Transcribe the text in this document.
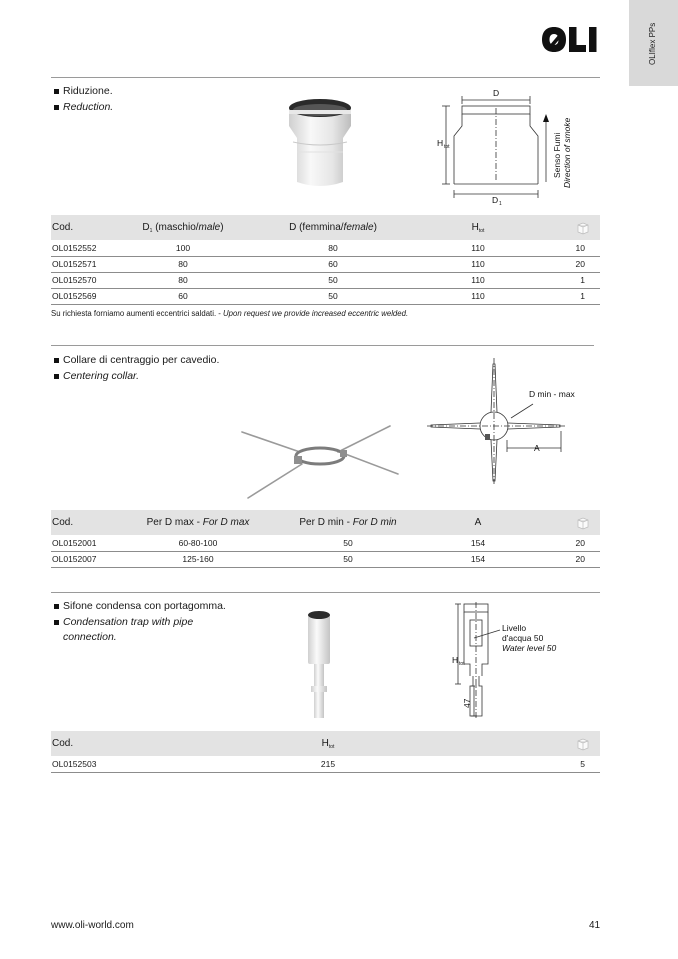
OLIflex PPs
Riduzione.
Reduction.
D
D 1
H tot	Senso Fumi Direction of smoke
Cod.	$D_1$ (maschio/male)	D (femmina/female)	$H_{tot}$	
OL0152552	100	80	110	10
OL0152571	80	60	110	20
OL0152570	80	50	110	1
OL0152569	60	50	110	1
Su richiesta forniamo aumenti eccentrici saldati. - Upon request we provide increased eccentric welded.
Collare di centraggio per cavedio.
Centering collar.
D min - max
A
Cod.	Per D max - For D max	Per D min - For D min	A	
OL0152001	60-80-100	50	154	20
OL0152007	125-160	50	154	20
Sifone condensa con portagomma.
Condensation trap with pipe
connection.
Livello
d'acqua 50
Water level 50
H tot
47
Cod.	$H_{tot}$	
OL0152503	215	5
www.oli-world.com	41
